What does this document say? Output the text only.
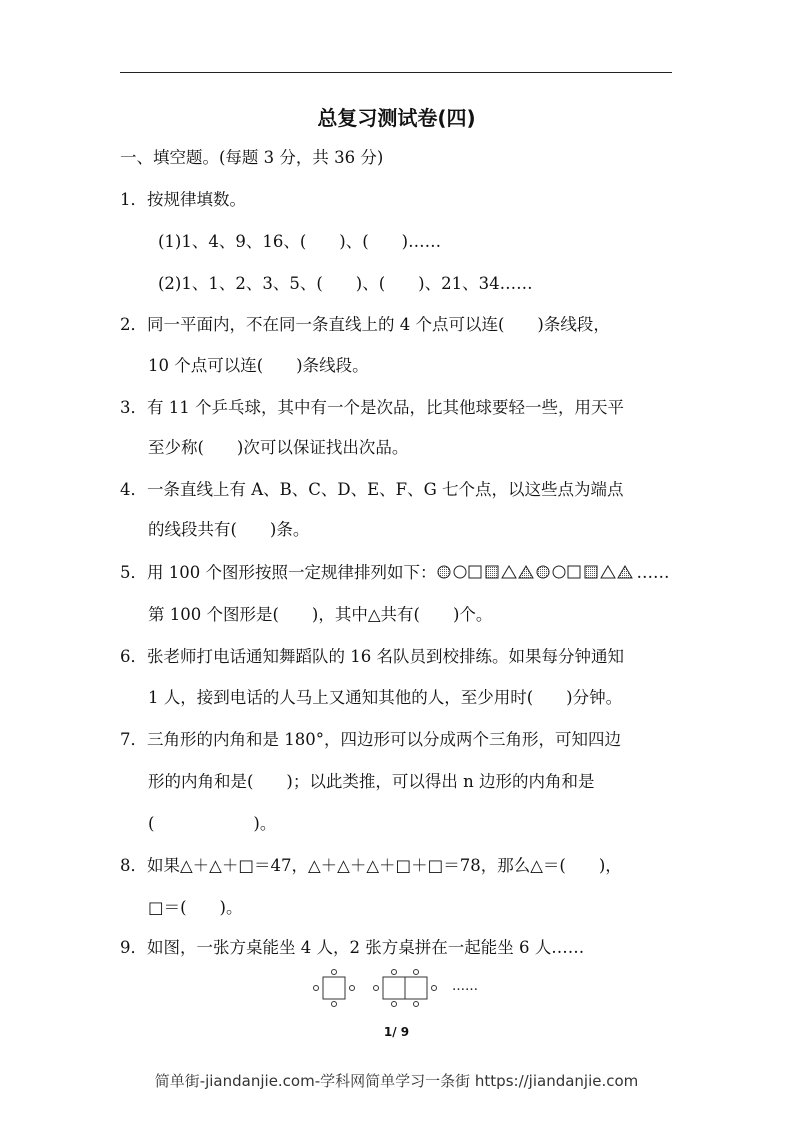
总复习测试卷(四)
一、填空题。(每题 3 分，共 36 分)
1．按规律填数。
(1)1、4、9、16、(　　)、(　　)……
(2)1、1、2、3、5、(　　)、(　　)、21、34……
2．同一平面内，不在同一条直线上的 4 个点可以连(　　)条线段，
10 个点可以连(　　)条线段。
3．有 11 个乒乓球，其中有一个是次品，比其他球要轻一些，用天平
至少称(　　)次可以保证找出次品。
4．一条直线上有 A、B、C、D、E、F、G 七个点，以这些点为端点
的线段共有(　　)条。
5．用 100 个图形按照一定规律排列如下：	……
第 100 个图形是(　　)，其中△共有(　　)个。
6．张老师打电话通知舞蹈队的 16 名队员到校排练。如果每分钟通知
1 人，接到电话的人马上又通知其他的人，至少用时(　　)分钟。
7．三角形的内角和是 180°，四边形可以分成两个三角形，可知四边
形的内角和是(　　)；以此类推，可以得出 n 边形的内角和是
(　　　　　　)。
8．如果△＋△＋□＝47，△＋△＋△＋□＋□＝78，那么△＝(　　)，
□＝(　　)。
9．如图，一张方桌能坐 4 人，2 张方桌拼在一起能坐 6 人……
……
1/ 9
简单街-jiandanjie.com-学科网简单学习一条街 https://jiandanjie.com
